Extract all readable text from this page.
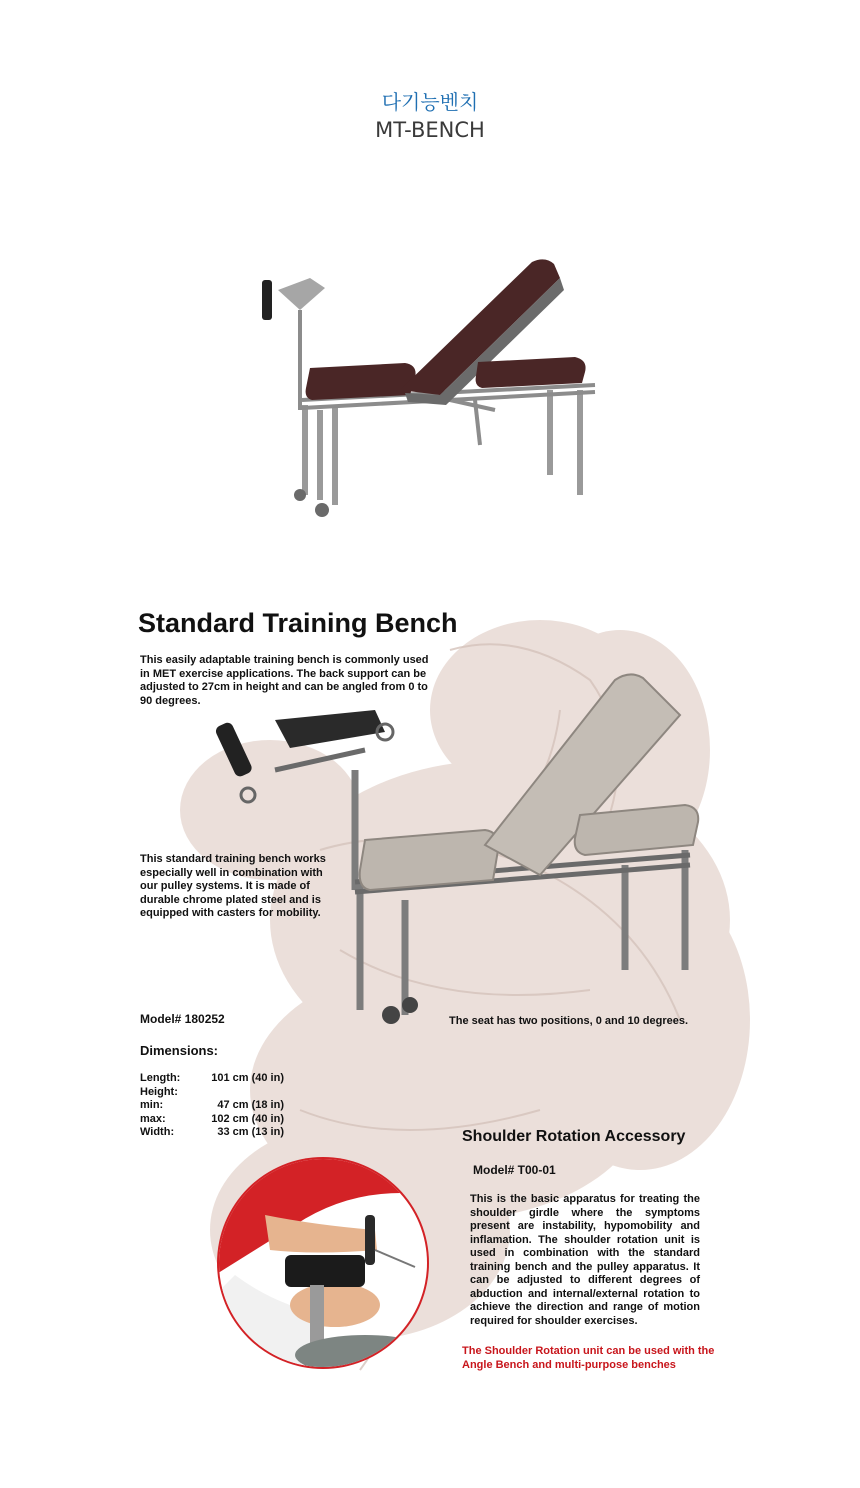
다기능벤치
MT-BENCH
Standard Training Bench
This easily adaptable training bench is commonly used in MET exercise applications. The back support can be adjusted to 27cm in height and can be angled from 0 to 90 degrees.
This standard training bench works especially well in combination with our pulley systems. It is made of durable chrome plated steel and is equipped with casters for mobility.
Model# 180252
Dimensions:
Length:	101 cm (40 in)
Height:	
min:	47 cm (18 in)
max:	102 cm (40 in)
Width:	33 cm (13 in)
The seat has two positions, 0 and 10 degrees.
Shoulder Rotation Accessory
Model# T00-01
This is the basic apparatus for treating the shoulder girdle where the symptoms present are instability, hypomobility and inflamation. The shoulder rotation unit is used in combination with the standard training bench and the pulley apparatus. It can be adjusted to different degrees of abduction and internal/external rotation to achieve the direction and range of motion required for shoulder exercises.
The Shoulder Rotation unit can be used with the Angle Bench and multi-purpose benches
